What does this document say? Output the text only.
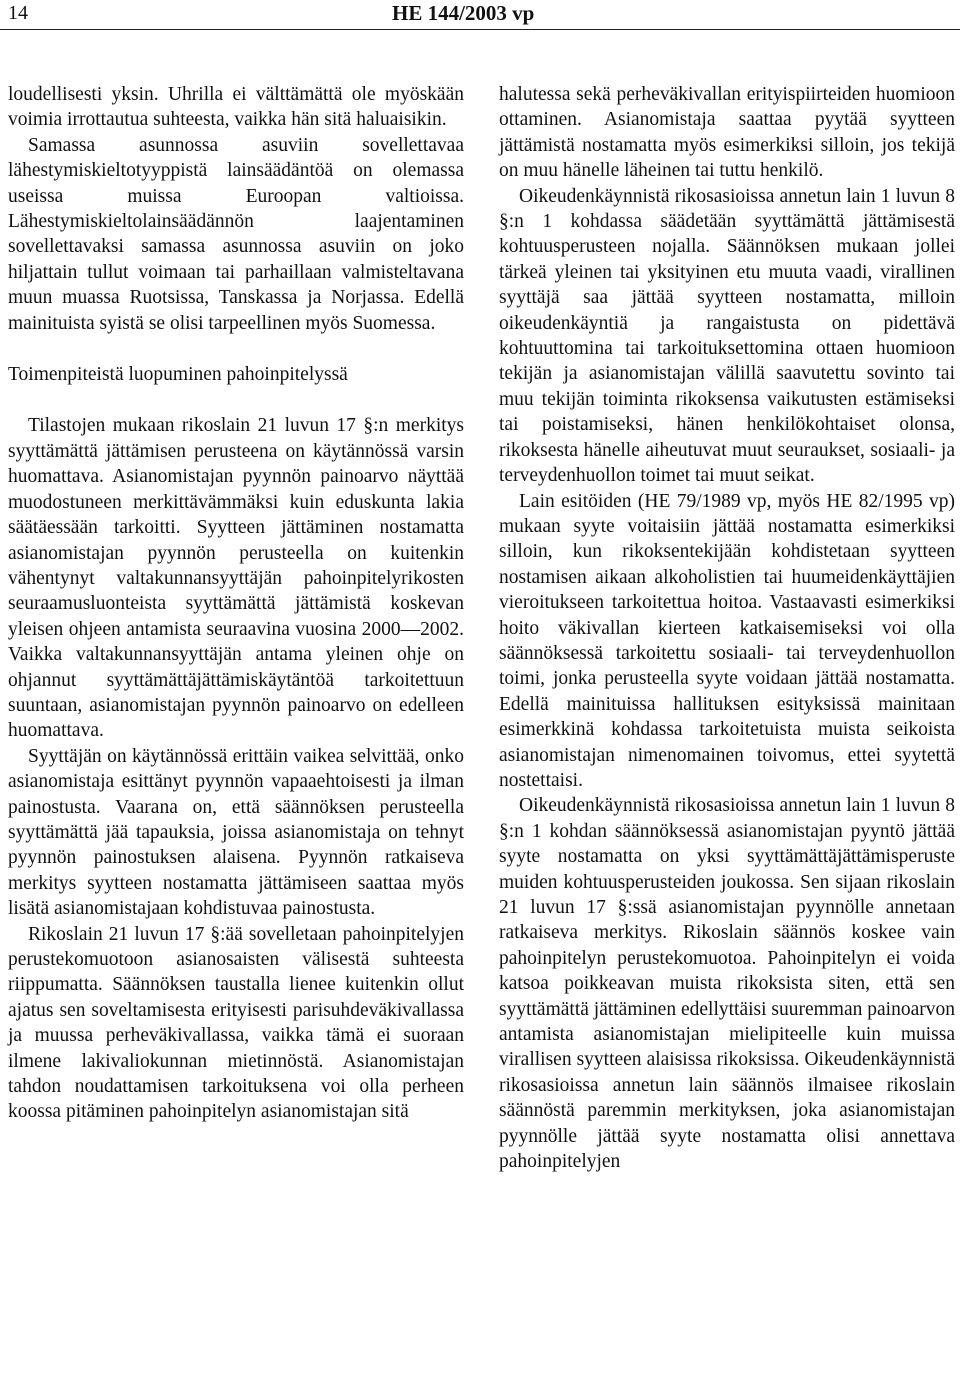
14	HE 144/2003 vp

loudellisesti yksin. Uhrilla ei välttämättä ole myöskään voimia irrottautua suhteesta, vaikka hän sitä haluaisikin.

Samassa asunnossa asuviin sovellettavaa lähestymiskieltotyyppistä lainsäädäntöä on olemassa useissa muissa Euroopan valtioissa. Lähestymiskieltolainsäädännön laajentaminen sovellettavaksi samassa asunnossa asuviin on joko hiljattain tullut voimaan tai parhaillaan valmisteltavana muun muassa Ruotsissa, Tanskassa ja Norjassa. Edellä mainituista syistä se olisi tarpeellinen myös Suomessa.

Toimenpiteistä luopuminen pahoinpitelyssä

Tilastojen mukaan rikoslain 21 luvun 17 §:n merkitys syyttämättä jättämisen perusteena on käytännössä varsin huomattava. Asianomistajan pyynnön painoarvo näyttää muodostuneen merkittävämmäksi kuin eduskunta lakia säätäessään tarkoitti. Syytteen jättäminen nostamatta asianomistajan pyynnön perusteella on kuitenkin vähentynyt valtakunnansyyttäjän pahoinpitelyrikosten seuraamusluonteista syyttämättä jättämistä koskevan yleisen ohjeen antamista seuraavina vuosina 2000—2002. Vaikka valtakunnansyyttäjän antama yleinen ohje on ohjannut syyttämättäjättämiskäytäntöä tarkoitettuun suuntaan, asianomistajan pyynnön painoarvo on edelleen huomattava.

Syyttäjän on käytännössä erittäin vaikea selvittää, onko asianomistaja esittänyt pyynnön vapaaehtoisesti ja ilman painostusta. Vaarana on, että säännöksen perusteella syyttämättä jää tapauksia, joissa asianomistaja on tehnyt pyynnön painostuksen alaisena. Pyynnön ratkaiseva merkitys syytteen nostamatta jättämiseen saattaa myös lisätä asianomistajaan kohdistuvaa painostusta.

Rikoslain 21 luvun 17 §:ää sovelletaan pahoinpitelyjen perustekomuotoon asianosaisten välisestä suhteesta riippumatta. Säännöksen taustalla lienee kuitenkin ollut ajatus sen soveltamisesta erityisesti parisuhdeväkivallassa ja muussa perheväkivallassa, vaikka tämä ei suoraan ilmene lakivaliokunnan mietinnöstä. Asianomistajan tahdon noudattamisen tarkoituksena voi olla perheen koossa pitäminen pahoinpitelyn asianomistajan sitä

halutessa sekä perheväkivallan erityispiirteiden huomioon ottaminen. Asianomistaja saattaa pyytää syytteen jättämistä nostamatta myös esimerkiksi silloin, jos tekijä on muu hänelle läheinen tai tuttu henkilö.

Oikeudenkäynnistä rikosasioissa annetun lain 1 luvun 8 §:n 1 kohdassa säädetään syyttämättä jättämisestä kohtuusperusteen nojalla. Säännöksen mukaan jollei tärkeä yleinen tai yksityinen etu muuta vaadi, virallinen syyttäjä saa jättää syytteen nostamatta, milloin oikeudenkäyntiä ja rangaistusta on pidettävä kohtuuttomina tai tarkoituksettomina ottaen huomioon tekijän ja asianomistajan välillä saavutettu sovinto tai muu tekijän toiminta rikoksensa vaikutusten estämiseksi tai poistamiseksi, hänen henkilökohtaiset olonsa, rikoksesta hänelle aiheutuvat muut seuraukset, sosiaali- ja terveydenhuollon toimet tai muut seikat.

Lain esitöiden (HE 79/1989 vp, myös HE 82/1995 vp) mukaan syyte voitaisiin jättää nostamatta esimerkiksi silloin, kun rikoksentekijään kohdistetaan syytteen nostamisen aikaan alkoholistien tai huumeidenkäyttäjien vieroitukseen tarkoitettua hoitoa. Vastaavasti esimerkiksi hoito väkivallan kierteen katkaisemiseksi voi olla säännöksessä tarkoitettu sosiaali- tai terveydenhuollon toimi, jonka perusteella syyte voidaan jättää nostamatta. Edellä mainituissa hallituksen esityksissä mainitaan esimerkkinä kohdassa tarkoitetuista muista seikoista asianomistajan nimenomainen toivomus, ettei syytettä nostettaisi.

Oikeudenkäynnistä rikosasioissa annetun lain 1 luvun 8 §:n 1 kohdan säännöksessä asianomistajan pyyntö jättää syyte nostamatta on yksi syyttämättäjättämisperuste muiden kohtuusperusteiden joukossa. Sen sijaan rikoslain 21 luvun 17 §:ssä asianomistajan pyynnölle annetaan ratkaiseva merkitys. Rikoslain säännös koskee vain pahoinpitelyn perustekomuotoa. Pahoinpitelyn ei voida katsoa poikkeavan muista rikoksista siten, että sen syyttämättä jättäminen edellyttäisi suuremman painoarvon antamista asianomistajan mielipiteelle kuin muissa virallisen syytteen alaisissa rikoksissa. Oikeudenkäynnistä rikosasioissa annetun lain säännös ilmaisee rikoslain säännöstä paremmin merkityksen, joka asianomistajan pyynnölle jättää syyte nostamatta olisi annettava pahoinpitelyjen
